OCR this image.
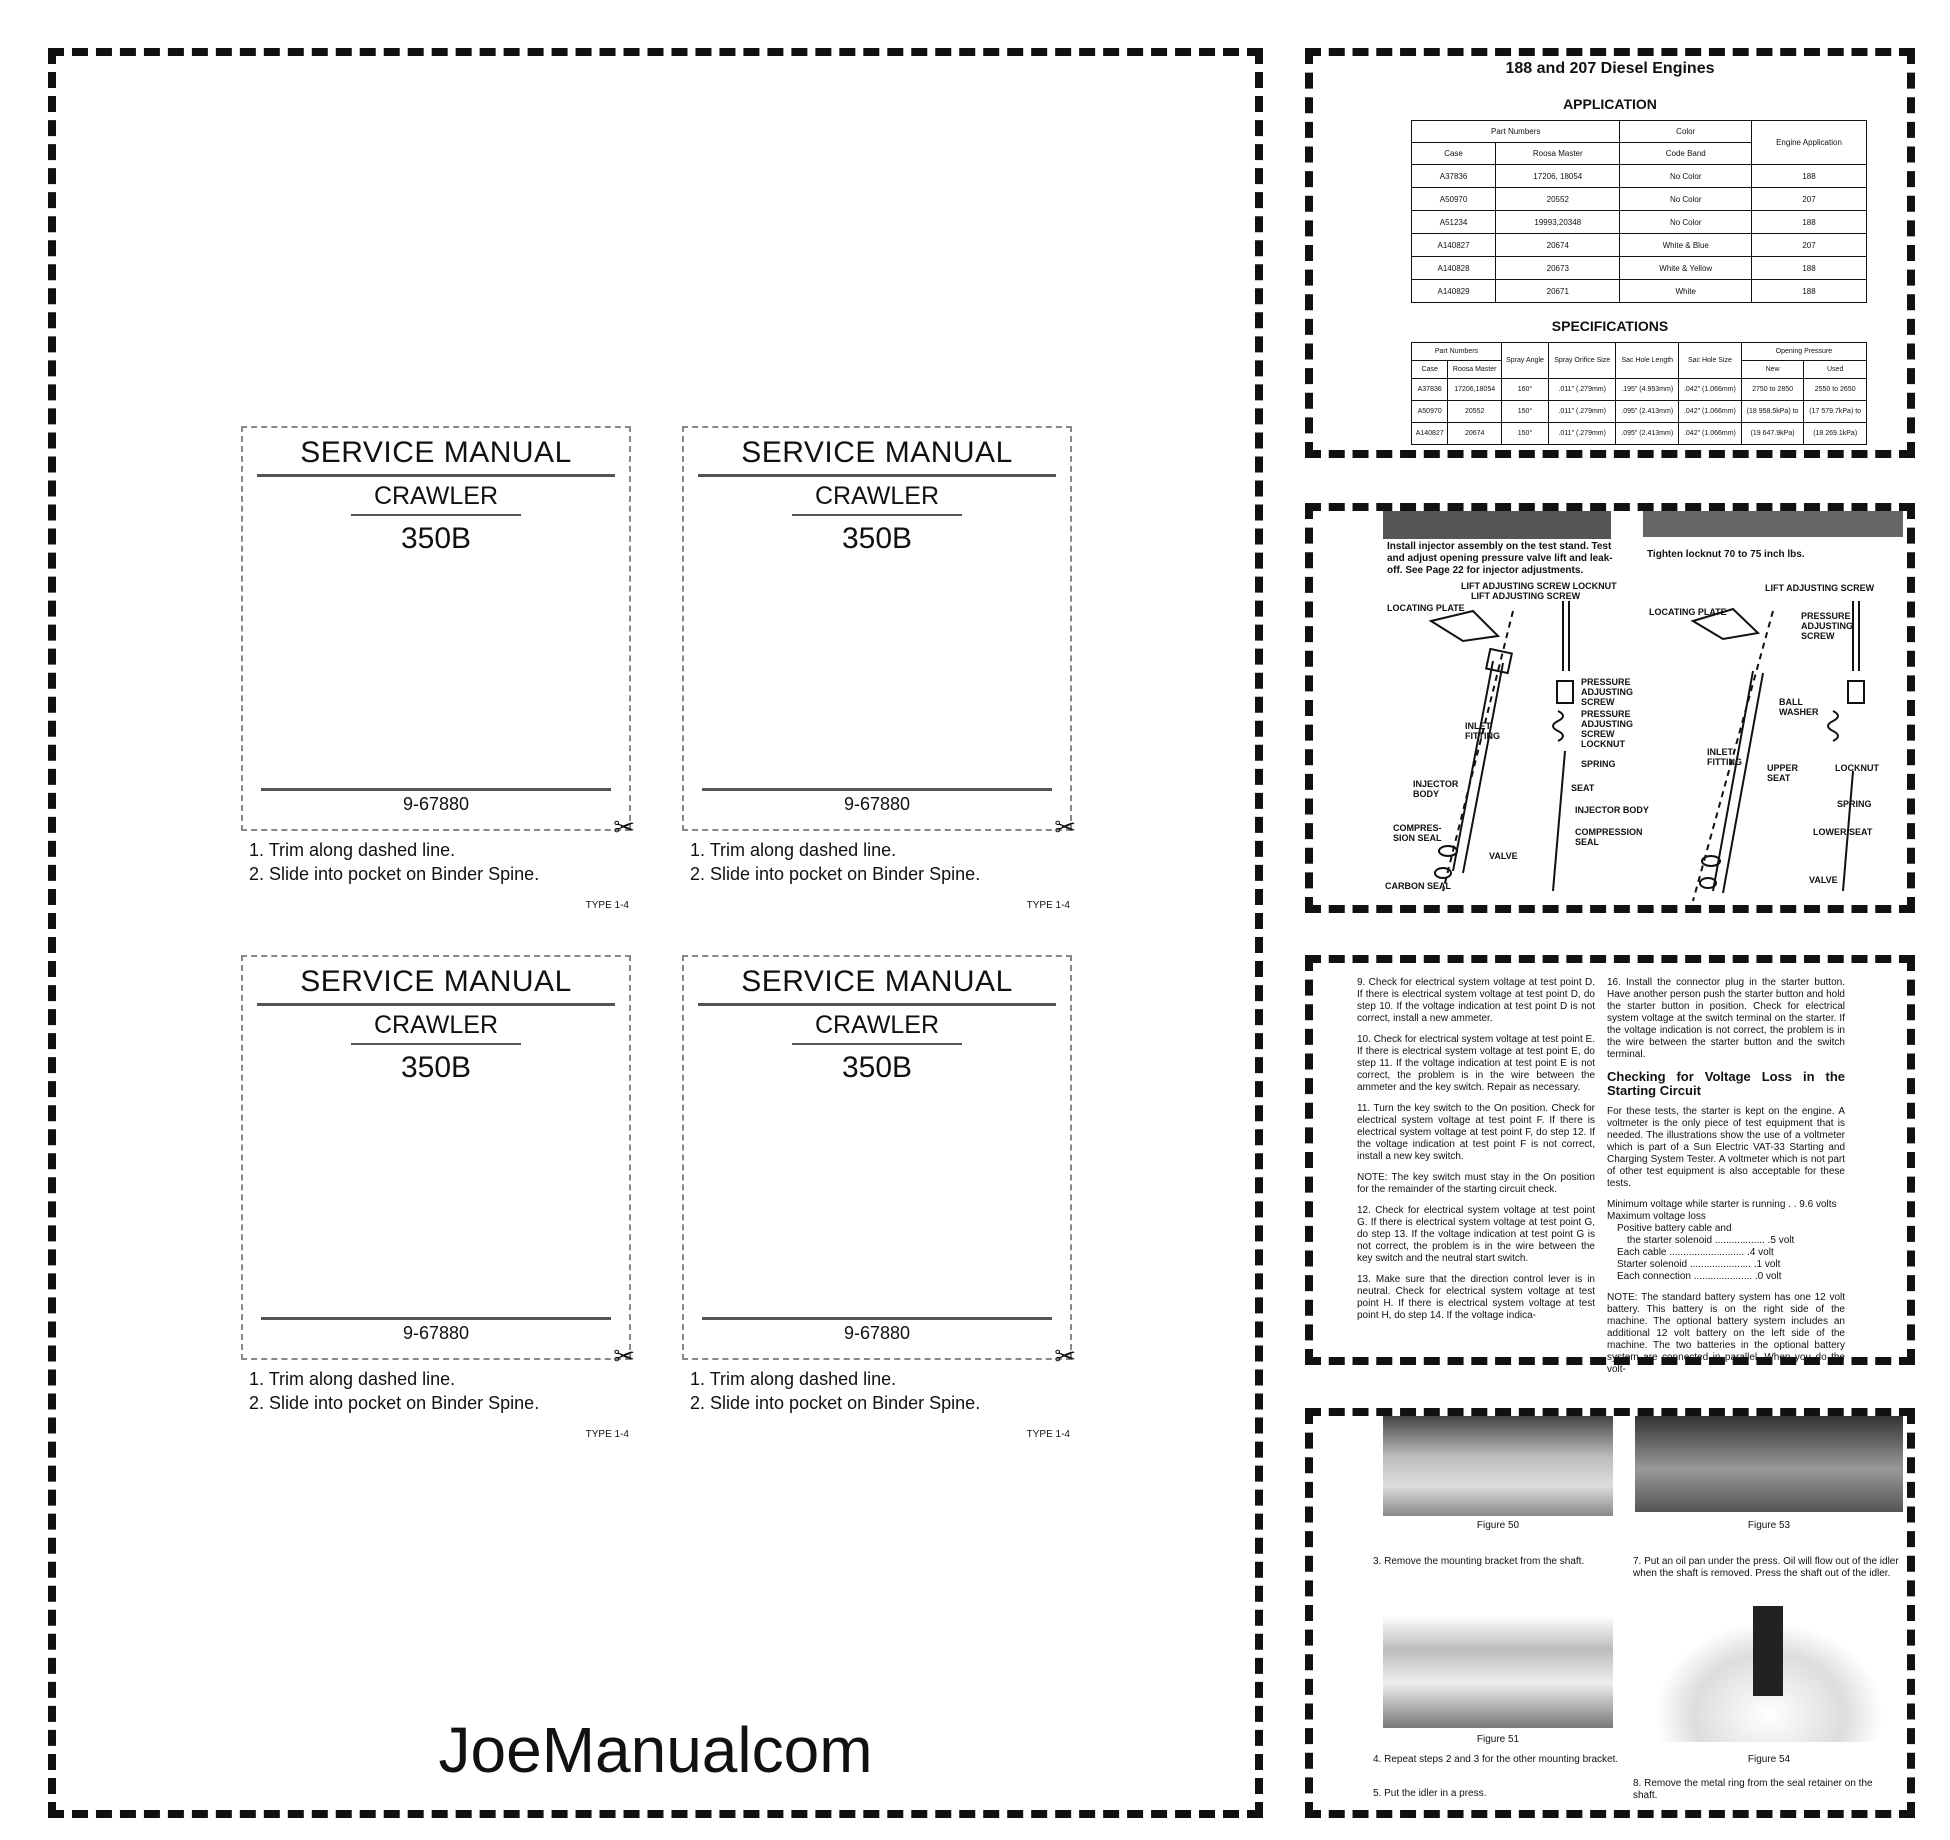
SERVICE MANUAL
CRAWLER
350B
9-67880
✂
1. Trim along dashed line.
2. Slide into pocket on Binder Spine.
TYPE 1-4
SERVICE MANUAL
CRAWLER
350B
9-67880
✂
1. Trim along dashed line.
2. Slide into pocket on Binder Spine.
TYPE 1-4
SERVICE MANUAL
CRAWLER
350B
9-67880
✂
1. Trim along dashed line.
2. Slide into pocket on Binder Spine.
TYPE 1-4
SERVICE MANUAL
CRAWLER
350B
9-67880
✂
1. Trim along dashed line.
2. Slide into pocket on Binder Spine.
TYPE 1-4
JoeManualcom
188 and 207 Diesel Engines
APPLICATION
Part Numbers		Color	Engine Application
Case	Roosa Master	Code Band	
A37836	17206, 18054	No Color	188
A50970	20552	No Color	207
A51234	19993,20348	No Color	188
A140827	20674	White & Blue	207
A140828	20673	White & Yellow	188
A140829	20671	White	188
SPECIFICATIONS
Part Numbers		Spray Angle	Spray Orifice Size	Sac Hole Length	Sac Hole Size	Opening Pressure	
Case	Roosa Master					New	Used
A37836	17206,18054	160°	.011" (.279mm)	.195" (4.953mm)	.042" (1.066mm)	2750 to 2850	2550 to 2650
A50970	20552	150°	.011" (.279mm)	.095" (2.413mm)	.042" (1.066mm)	(18 958.5kPa) to	(17 579.7kPa) to
A140827	20674	150°	.011" (.279mm)	.095" (2.413mm)	.042" (1.066mm)	(19 647.9kPa)	(18 269.1kPa)
Install injector assembly on the test stand. Test and adjust opening pressure valve lift and leak-off. See Page 22 for injector adjustments.
Tighten locknut 70 to 75 inch lbs.
LIFT ADJUSTING SCREW LOCKNUT
LIFT ADJUSTING SCREW
LOCATING PLATE
PRESSURE ADJUSTING SCREW
PRESSURE ADJUSTING SCREW LOCKNUT
INLET FITTING
SPRING
INJECTOR BODY
SEAT
COMPRES-SION SEAL
VALVE
CARBON SEAL
LIFT ADJUSTING SCREW
LOCATING PLATE	PRESSURE ADJUSTING SCREW
BALL WASHER
INLET FITTING
UPPER SEAT
LOCKNUT
INJECTOR BODY
SPRING
COMPRESSION SEAL
LOWER SEAT
VALVE

9. Check for electrical system voltage at test point D. If there is electrical system voltage at test point D, do step 10. If the voltage indication at test point D is not correct, install a new ammeter.

10. Check for electrical system voltage at test point E. If there is electrical system voltage at test point E, do step 11. If the voltage indication at test point E is not correct, the problem is in the wire between the ammeter and the key switch. Repair as necessary.

11. Turn the key switch to the On position. Check for electrical system voltage at test point F. If there is electrical system voltage at test point F, do step 12. If the voltage indication at test point F is not correct, install a new key switch.

NOTE: The key switch must stay in the On position for the remainder of the starting circuit check.

12. Check for electrical system voltage at test point G. If there is electrical system voltage at test point G, do step 13. If the voltage indication at test point G is not correct, the problem is in the wire between the key switch and the neutral start switch.

13. Make sure that the direction control lever is in neutral. Check for electrical system voltage at test point H. If there is electrical system voltage at test point H, do step 14. If the voltage indica-

16. Install the connector plug in the starter button. Have another person push the starter button and hold the starter button in position. Check for electrical system voltage at the switch terminal on the starter. If the voltage indication is not correct, the problem is in the wire between the starter button and the switch terminal.

Checking for Voltage Loss in the Starting Circuit

For these tests, the starter is kept on the engine. A voltmeter is the only piece of test equipment that is needed. The illustrations show the use of a voltmeter which is part of a Sun Electric VAT-33 Starting and Charging System Tester. A voltmeter which is not part of other test equipment is also acceptable for these tests.

Minimum voltage while starter is running . . 9.6 volts
Maximum voltage loss
Positive battery cable and
the starter solenoid .................. .5 volt
Each cable ........................... .4 volt
Starter solenoid ...................... .1 volt
Each connection ..................... .0 volt

NOTE: The standard battery system has one 12 volt battery. This battery is on the right side of the machine. The optional battery system includes an additional 12 volt battery on the left side of the machine. The two batteries in the optional battery system are connected in parallel. When you do the volt-

Figure 50	Figure 53
3. Remove the mounting bracket from the shaft.	7. Put an oil pan under the press. Oil will flow out of the idler when the shaft is removed. Press the shaft out of the idler.
Figure 51
Figure 54
4. Repeat steps 2 and 3 for the other mounting bracket.
5. Put the idler in a press.
8. Remove the metal ring from the seal retainer on the shaft.
